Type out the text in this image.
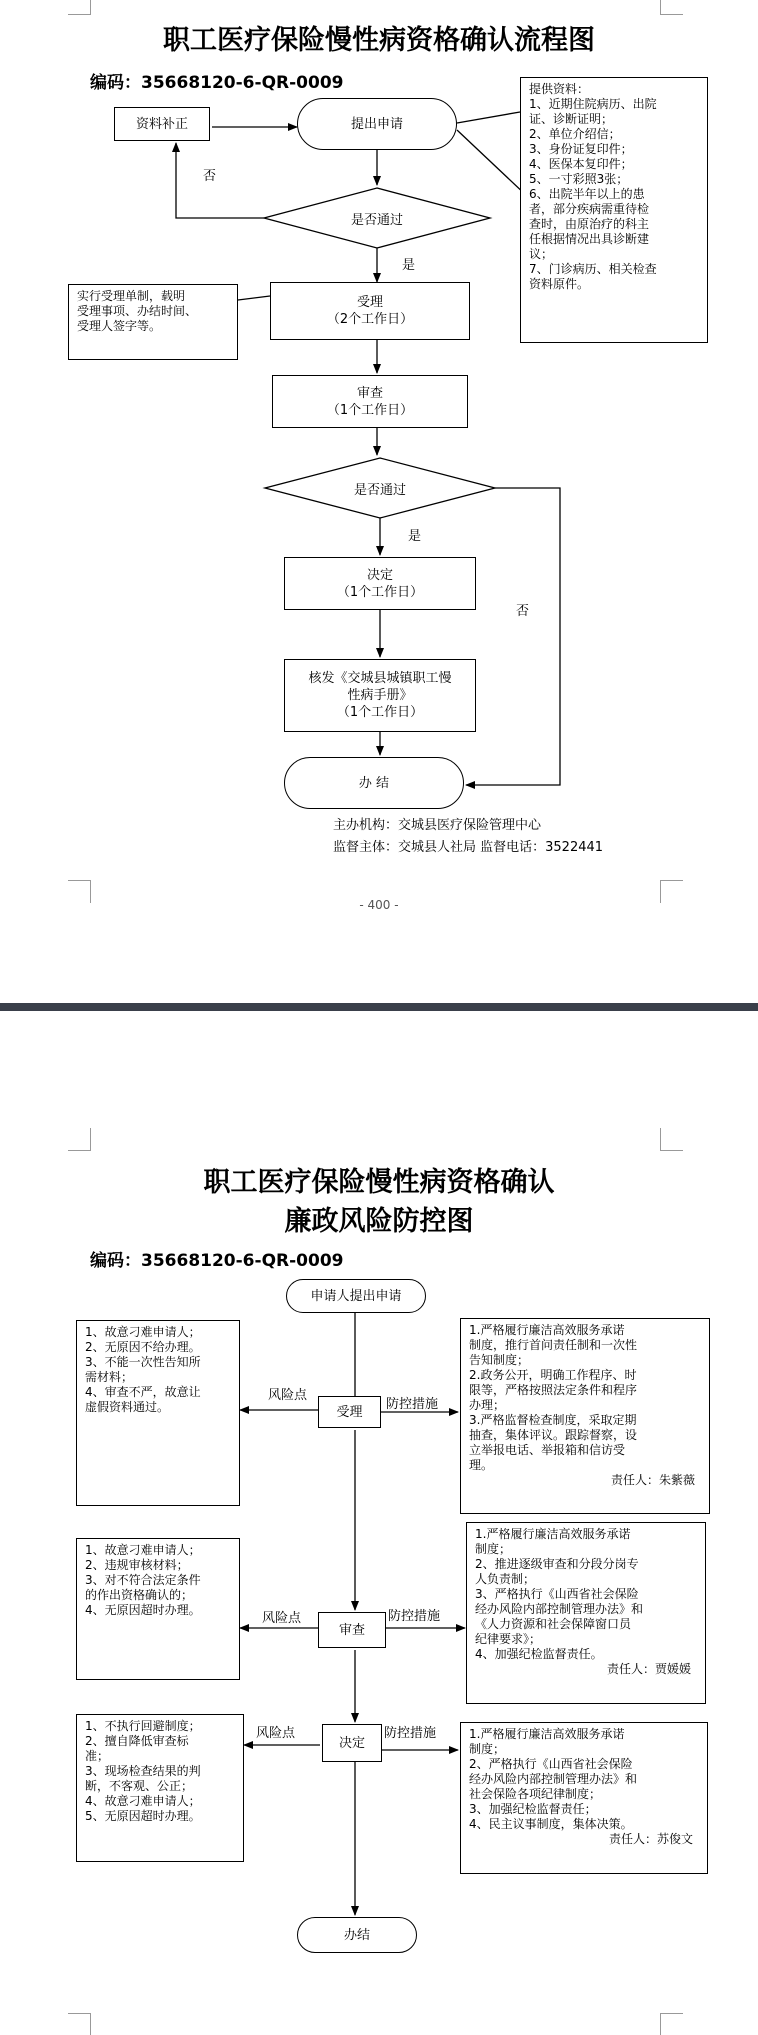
职工医疗保险慢性病资格确认流程图
编码：35668120-6-QR-0009
资料补正	提出申请
提供资料：
1、近期住院病历、出院
证、诊断证明；
2、单位介绍信；
3、身份证复印件；
4、医保本复印件；
5、一寸彩照3张；
6、出院半年以上的患
者，部分疾病需重待检
查时，由原治疗的科主
任根据情况出具诊断建
议；
7、门诊病历、相关检查
资料原件。
否
是否通过
是
实行受理单制，载明
受理事项、办结时间、
受理人签字等。
受理
（2个工作日）
审查
（1个工作日）
是否通过
是
否
决定
（1个工作日）
核发《交城县城镇职工慢
性病手册》
（1个工作日）
办 结
主办机构：交城县医疗保险管理中心
监督主体：交城县人社局 监督电话：3522441
- 400 -
职工医疗保险慢性病资格确认
廉政风险防控图
编码：35668120-6-QR-0009
申请人提出申请
1、故意刁难申请人；
2、无原因不给办理。
3、不能一次性告知所
需材料；
4、审查不严，故意让
虚假资料通过。
风险点
受理	防控措施
1.严格履行廉洁高效服务承诺
制度，推行首问责任制和一次性
告知制度；
2.政务公开，明确工作程序、时
限等，严格按照法定条件和程序
办理；
3.严格监督检查制度，采取定期
抽查，集体评议。跟踪督察，设
立举报电话、举报箱和信访受
理。
责任人：朱紫薇
1、故意刁难申请人；
2、违规审核材料；
3、对不符合法定条件
的作出资格确认的；
4、无原因超时办理。
风险点
审查
防控措施
1.严格履行廉洁高效服务承诺
制度；
2、推进逐级审查和分段分岗专
人负责制；
3、严格执行《山西省社会保险
经办风险内部控制管理办法》和
《人力资源和社会保障窗口员
纪律要求》；
4、加强纪检监督责任。
责任人：贾媛媛
1、不执行回避制度；
2、擅自降低审查标
准；
3、现场检查结果的判
断，不客观、公正；
4、故意刁难申请人；
5、无原因超时办理。
风险点
决定
防控措施	1.严格履行廉洁高效服务承诺
制度；
2、严格执行《山西省社会保险
经办风险内部控制管理办法》和
社会保险各项纪律制度；
3、加强纪检监督责任；
4、民主议事制度，集体决策。
责任人：苏俊文
办结
